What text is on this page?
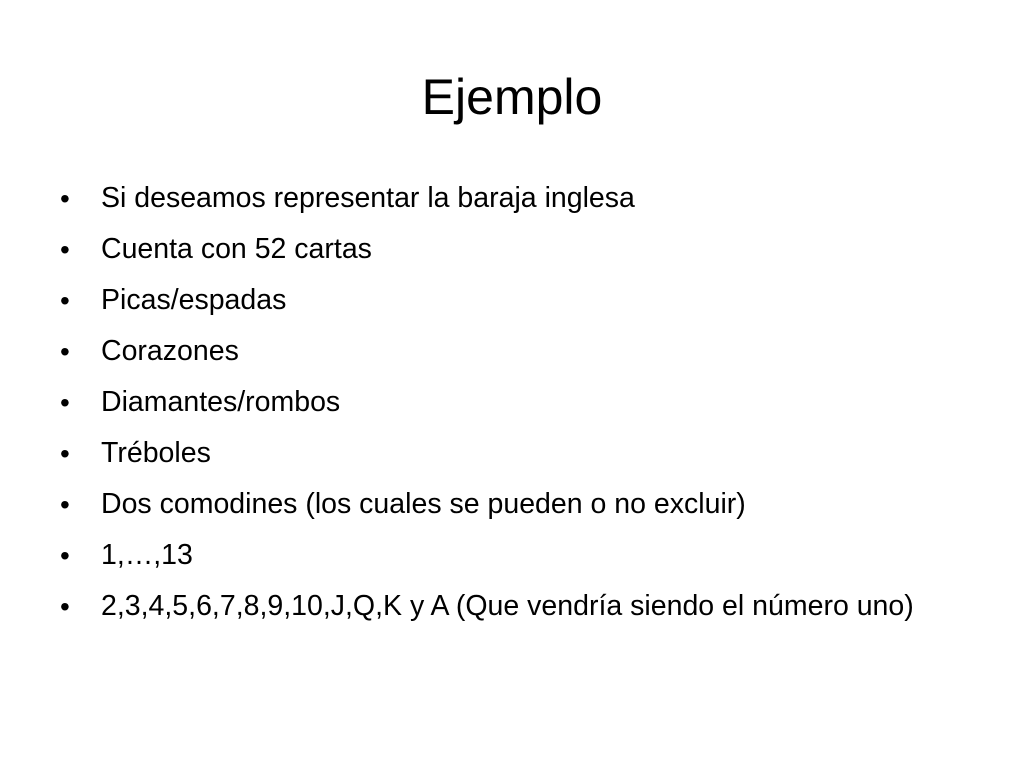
Ejemplo
•	Si deseamos representar la baraja inglesa
•	Cuenta con 52 cartas
•	Picas/espadas
•	Corazones
•	Diamantes/rombos
•	Tréboles
•	Dos comodines (los cuales se pueden o no excluir)
•	1,…,13
•	2,3,4,5,6,7,8,9,10,J,Q,K y A (Que vendría siendo el número uno)
